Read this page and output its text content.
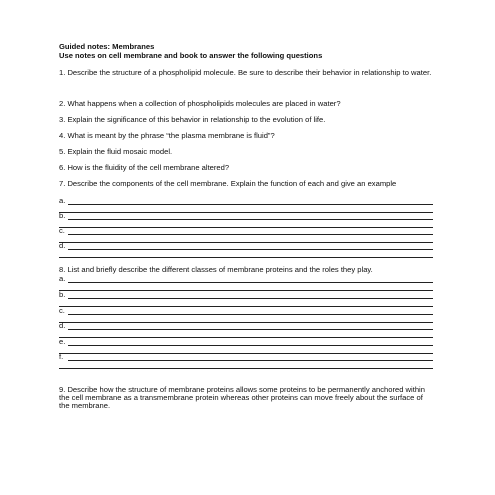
Guided notes: Membranes
Use notes on cell membrane and book to answer the following questions
1. Describe the structure of a phospholipid molecule. Be sure to describe their behavior in relationship to water.
2. What happens when a collection of phospholipids molecules are placed in water?
3. Explain the significance of this behavior in relationship to the evolution of life.
4. What is meant by the phrase “the plasma membrane is fluid”?
5. Explain the fluid mosaic model.
6. How is the fluidity of the cell membrane altered?
7. Describe the components of the cell membrane. Explain the function of each and give an example
a.
b.
c.
d.
8. List and briefly describe the different classes of membrane proteins and the roles they play.
a.
b.
c.
d.
e.
f.
9. Describe how the structure of membrane proteins allows some proteins to be permanently anchored within the cell membrane as a transmembrane protein whereas other proteins can move freely about the surface of the membrane.
